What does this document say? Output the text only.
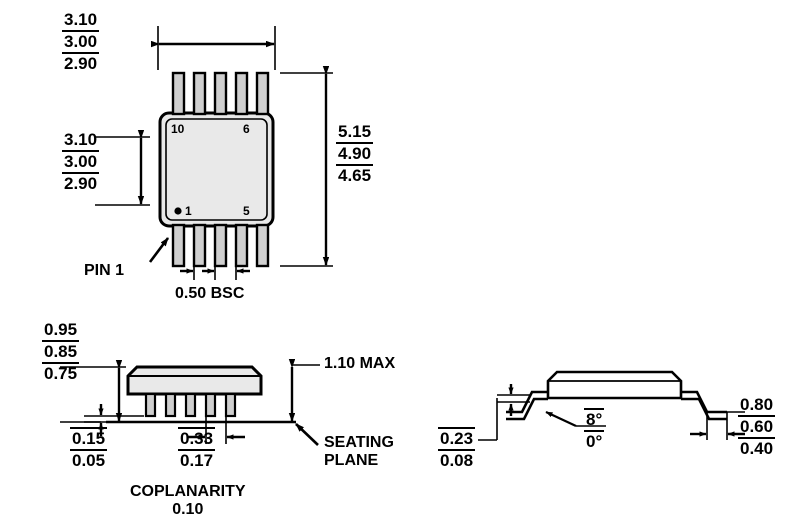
3.10
3.00
2.90
3.10
3.00
2.90
5.15
4.90
4.65
10	6
1	5
PIN 1
0.50 BSC
0.95
0.85
0.75
0.15
0.05
0.33
0.17
1.10 MAX
SEATING
PLANE
COPLANARITY
0.10
0.23
0.08
8°
0°
0.80
0.60
0.40
